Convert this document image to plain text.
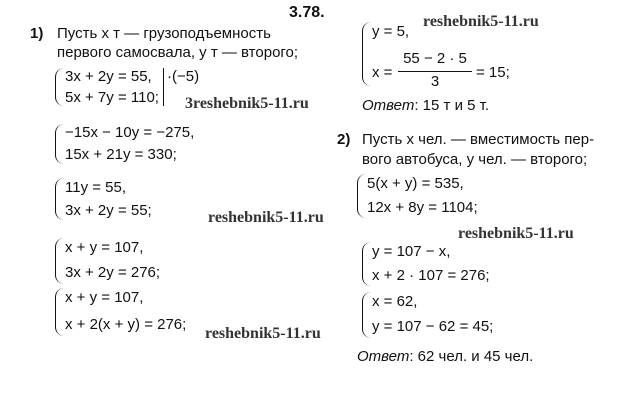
3.78.
reshebnik5-11.ru
3reshebnik5-11.ru
reshebnik5-11.ru
reshebnik5-11.ru
reshebnik5-11.ru
1) Пусть x т — грузоподъемность
первого самосвала, y т — второго;
3x + 2y = 55, ·(−5)
5x + 7y = 110;
−15x − 10y = −275,
15x + 21y = 330;
11y = 55,
3x + 2y = 55;
x + y = 107,
3x + 2y = 276;
x + y = 107,
x + 2(x + y) = 276;
y = 5,
x =
55 − 2 · 5
3
= 15;
Ответ: 15 т и 5 т.
2) Пусть x чел. — вместимость пер-
вого автобуса, y чел. — второго;
5(x + y) = 535,
12x + 8y = 1104;
y = 107 − x,
x + 2 · 107 = 276;
x = 62,
y = 107 − 62 = 45;
Ответ: 62 чел. и 45 чел.
